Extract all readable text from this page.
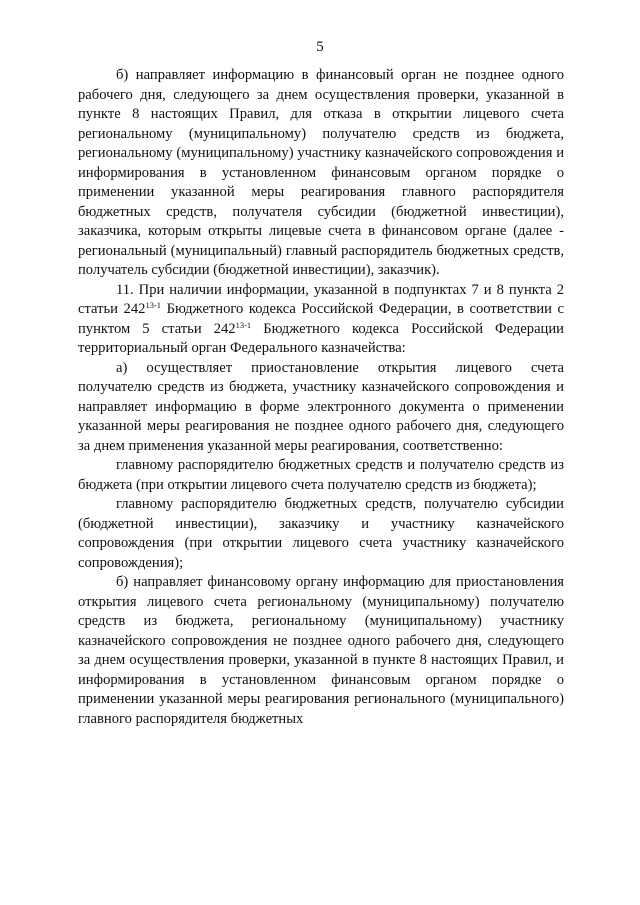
5

б) направляет информацию в финансовый орган не позднее одного рабочего дня, следующего за днем осуществления проверки, указанной в пункте 8 настоящих Правил, для отказа в открытии лицевого счета региональному (муниципальному) получателю средств из бюджета, региональному (муниципальному) участнику казначейского сопровождения и информирования в установленном финансовым органом порядке о применении указанной меры реагирования главного распорядителя бюджетных средств, получателя субсидии (бюджетной инвестиции), заказчика, которым открыты лицевые счета в финансовом органе (далее - региональный (муниципальный) главный распорядитель бюджетных средств, получатель субсидии (бюджетной инвестиции), заказчик).

11. При наличии информации, указанной в подпунктах 7 и 8 пункта 2 статьи 242$^{13-1}$ Бюджетного кодекса Российской Федерации, в соответствии с пунктом 5 статьи 242$^{13-1}$ Бюджетного кодекса Российской Федерации территориальный орган Федерального казначейства:

а) осуществляет приостановление открытия лицевого счета получателю средств из бюджета, участнику казначейского сопровождения и направляет информацию в форме электронного документа о применении указанной меры реагирования не позднее одного рабочего дня, следующего за днем применения указанной меры реагирования, соответственно:

главному распорядителю бюджетных средств и получателю средств из бюджета (при открытии лицевого счета получателю средств из бюджета);

главному распорядителю бюджетных средств, получателю субсидии (бюджетной инвестиции), заказчику и участнику казначейского сопровождения (при открытии лицевого счета участнику казначейского сопровождения);

б) направляет финансовому органу информацию для приостановления открытия лицевого счета региональному (муниципальному) получателю средств из бюджета, региональному (муниципальному) участнику казначейского сопровождения не позднее одного рабочего дня, следующего за днем осуществления проверки, указанной в пункте 8 настоящих Правил, и информирования в установленном финансовым органом порядке о применении указанной меры реагирования регионального (муниципального) главного распорядителя бюджетных
